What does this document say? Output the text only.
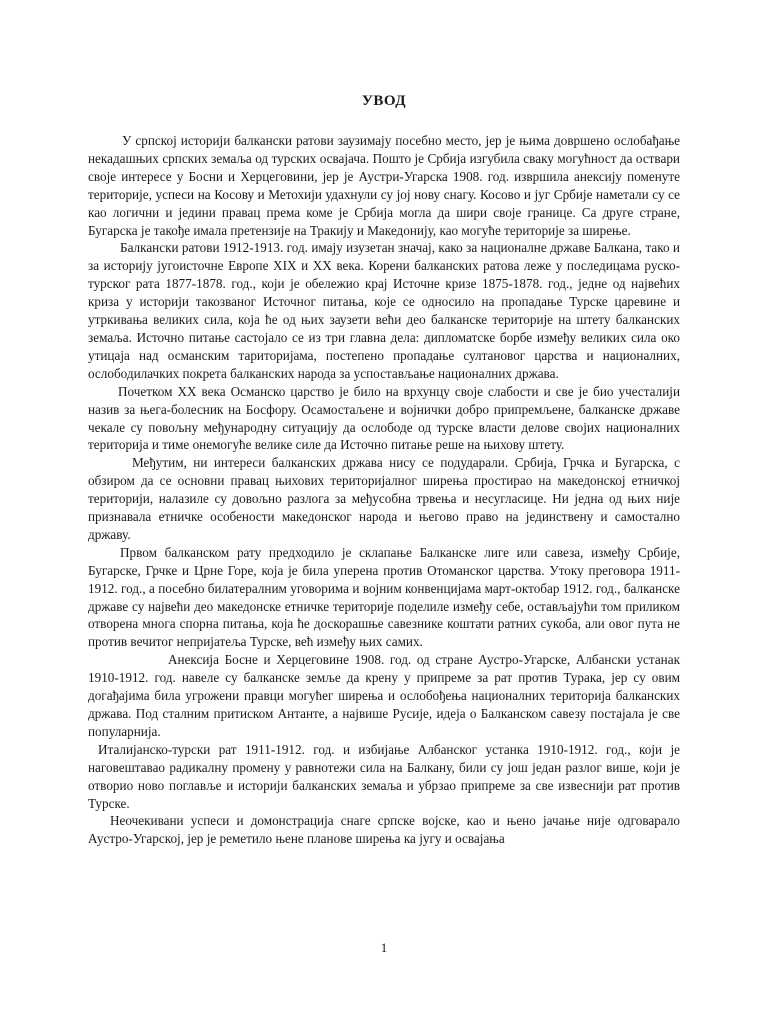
УВОД

У српској историји балкански ратови заузимају посебно место, јер је њима довршено ослобађање некадашњих српских земаља од турских освајача. Пошто је Србија изгубила сваку могућност да оствари своје интересе у Босни и Херцеговини, јер је Аустри-Угарска 1908. год. извршила анексију поменуте територије, успеси на Косову и Метохији удахнули су јој нову снагу. Косово и југ Србије наметали су се као логични и једини правац према коме је Србија могла да шири своје границе. Са друге стране, Бугарска је такође имала претензије на Тракију и Македонију, као могуће територије за ширење.

Балкански ратови 1912-1913. год. имају изузетан значај, како за националне државе Балкана, тако и за историју југоисточне Европе XIX и XX века. Корени балканских ратова леже у последицама руско-турског рата 1877-1878. год., који је обележио крај Источне кризе 1875-1878. год., једне од највећих криза у историји такозваног Источног питања, које се односило на пропадање Турске царевине и утркивања великих сила, која ће од њих заузети већи део балканске територије на штету балканских земаља. Источно питање састојало се из три главна дела: дипломатске борбе између великих сила око утицаја над османским тариторијама, постепено пропадање султановог царства и националних, ослободилачких покрета балканских народа за успостављање националних држава.

Почетком XX века Османско царство је било на врхунцу своје слабости и све је био учесталији назив за њега-болесник на Босфору. Осамостаљене и војнички добро припремљене, балканске државе чекале су повољну међународну ситуацију да ослободе од турске власти делове својих националних територија и тиме онемогуће велике силе да Источно питање реше на њихову штету.

Међутим, ни интереси балканских држава нису се подударали. Србија, Грчка и Бугарска, с обзиром да се основни правац њихових територијалног ширења простирао на македонској етничкој територији, налазиле су довољно разлога за међусобна трвења и несугласице. Ни једна од њих није признавала етничке особености македонског народа и његово право на јединствену и самостално државу.

Првом балканском рату предходило је склапање Балканске лиге или савеза, између Србије, Бугарске, Грчке и Црне Горе, која је била уперена против Отоманског царства. Утоку преговора 1911-1912. год., а посебно билатералним уговорима и војним конвенцијама март-октобар 1912. год., балканске државе су највећи део македонске етничке територије поделиле између себе, остављајући том приликом отворена многа спорна питања, која ће доскорашње савезнике коштати ратних сукоба, али овог пута не против вечитог непријатеља Турске, већ између њих самих.

Анексија Босне и Херцеговине 1908. год. од стране Аустро-Угарске, Албански устанак 1910-1912. год. навеле су балканске земље да крену у припреме за рат против Турака, јер су овим догађајима била угрожени правци могућег ширења и ослобођења националних територија балканских држава. Под сталним притиском Антанте, а највише Русије, идеја о Балканском савезу постајала је све популарнија.

Италијанско-турски рат 1911-1912. год. и избијање Албанског устанка 1910-1912. год., који је наговештавао радикалну промену у равнотежи сила на Балкану, били су још један разлог више, који је отворио ново поглавље и историји балканских земаља и убрзао припреме за све извеснији рат против Турске.

Неочекивани успеси и домонстрација снаге српске војске, као и њено јачање није одговарало Аустро-Угарској, јер је реметило њене планове ширења ка југу и освајања

1
